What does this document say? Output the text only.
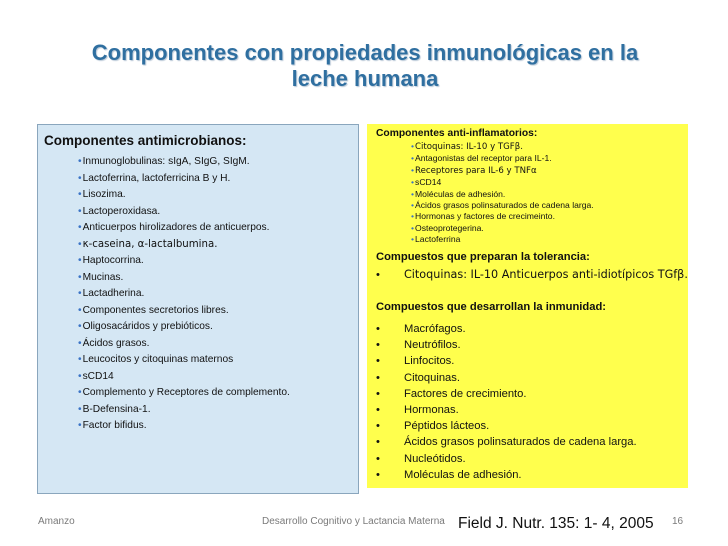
Componentes con propiedades inmunológicas en la
leche humana
Componentes antimicrobianos:
•Inmunoglobulinas: sIgA, SIgG, SIgM.
•Lactoferrina, lactoferricina B y H.
•Lisozima.
•Lactoperoxidasa.
•Anticuerpos hirolizadores de anticuerpos.
•κ-caseina, α-lactalbumina.
•Haptocorrina.
•Mucinas.
•Lactadherina.
•Componentes secretorios libres.
•Oligosacáridos y prebióticos.
•Ácidos grasos.
•Leucocitos y citoquinas maternos
•sCD14
•Complemento y Receptores de complemento.
•B-Defensina-1.
•Factor bifidus.
Componentes anti-inflamatorios:
•Citoquinas: IL-10 y TGFβ.
•Antagonistas del receptor para IL-1.
•Receptores para IL-6 y TNFα
•sCD14
•Moléculas de adhesión.
•Ácidos grasos polinsaturados de cadena larga.
•Hormonas y factores de crecimeinto.
•Osteoprotegerina.
•Lactoferrina
Compuestos que preparan la tolerancia:
• Citoquinas: IL-10 Anticuerpos anti-idiotípicos TGfβ.
Compuestos que desarrollan la inmunidad:
• Macrófagos.
• Neutrófilos.
• Linfocitos.
• Citoquinas.
• Factores de crecimiento.
• Hormonas.
• Péptidos lácteos.
• Ácidos grasos polinsaturados de cadena larga.
• Nucleótidos.
• Moléculas de adhesión.
Amanzo	Desarrollo Cognitivo y Lactancia Materna Field J. Nutr. 135: 1- 4, 2005	16
